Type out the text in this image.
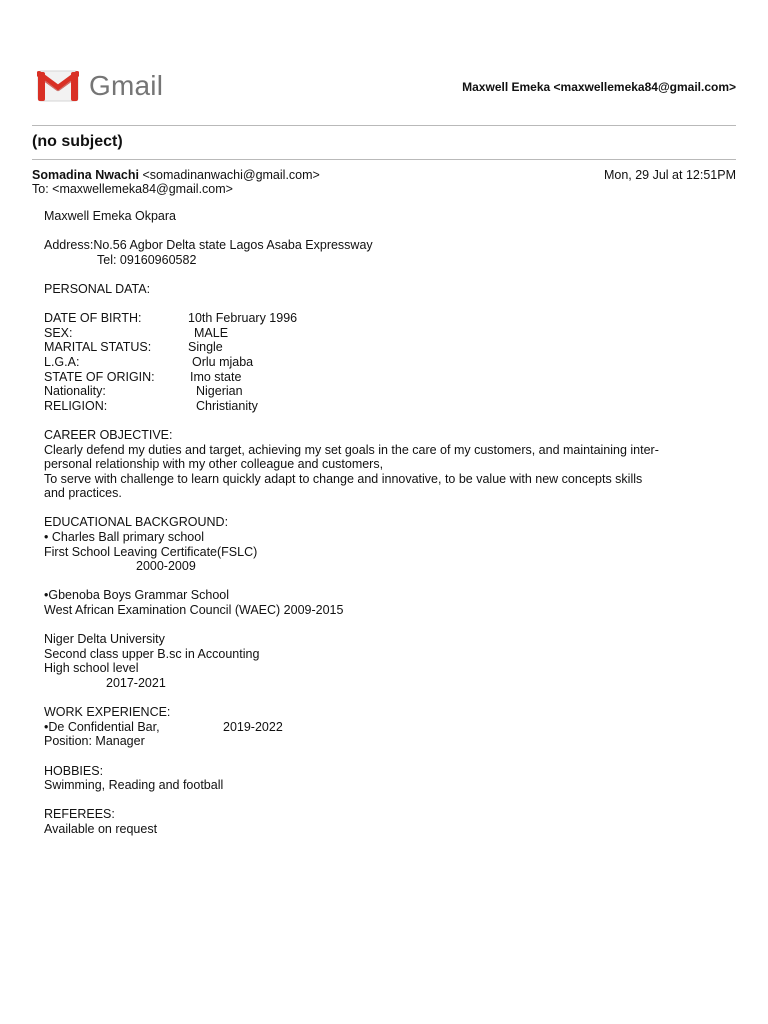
Gmail	Maxwell Emeka <maxwellemeka84@gmail.com>
(no subject)
Somadina Nwachi <somadinanwachi@gmail.com>	Mon, 29 Jul at 12:51PM
To: <maxwellemeka84@gmail.com>
Maxwell Emeka Okpara
Address:No.56 Agbor Delta state Lagos Asaba Expressway
Tel: 09160960582
PERSONAL DATA:
DATE OF BIRTH:	10th February 1996
SEX:	MALE
MARITAL STATUS:	Single
L.G.A:	Orlu mjaba
STATE OF ORIGIN:	Imo state
Nationality:	Nigerian
RELIGION:	Christianity
CAREER OBJECTIVE:
Clearly defend my duties and target, achieving my set goals in the care of my customers, and maintaining inter-
personal relationship with my other colleague and customers,
To serve with challenge to learn quickly adapt to change and innovative, to be value with new concepts skills
and practices.
EDUCATIONAL BACKGROUND:
• Charles Ball primary school
First School Leaving Certificate(FSLC)
2000-2009
•Gbenoba Boys Grammar School
West African Examination Council (WAEC) 2009-2015
Niger Delta University
Second class upper B.sc in Accounting
High school level
2017-2021
WORK EXPERIENCE:
•De Confidential Bar,	2019-2022
Position: Manager
HOBBIES:
Swimming, Reading and football
REFEREES:
Available on request
